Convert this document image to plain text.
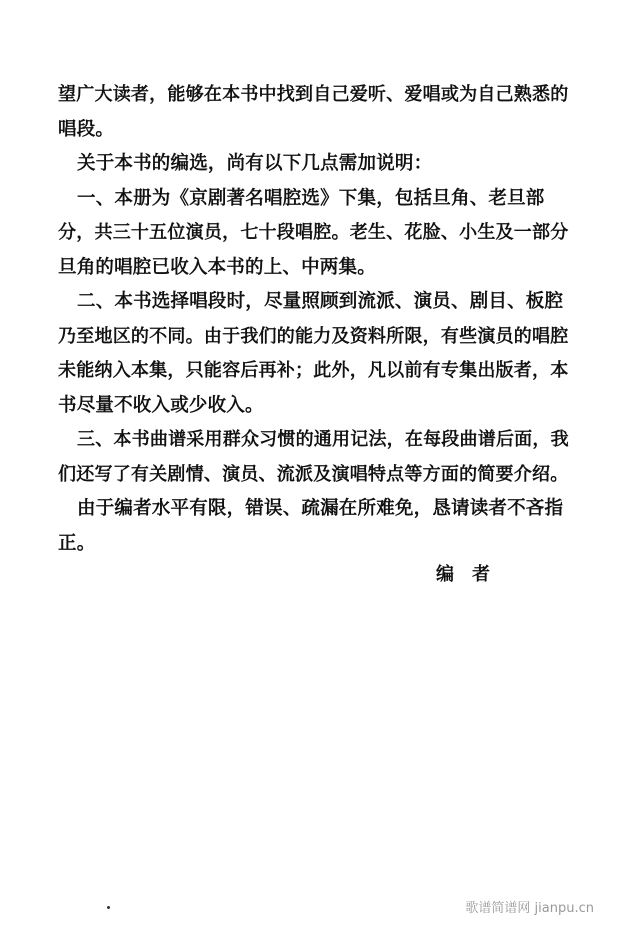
望广大读者，能够在本书中找到自己爱听、爱唱或为自己熟悉的
唱段。

关于本书的编选，尚有以下几点需加说明：

一、本册为《京剧著名唱腔选》下集，包括旦角、老旦部
分，共三十五位演员，七十段唱腔。老生、花脸、小生及一部分
旦角的唱腔已收入本书的上、中两集。

二、本书选择唱段时，尽量照顾到流派、演员、剧目、板腔
乃至地区的不同。由于我们的能力及资料所限，有些演员的唱腔
未能纳入本集，只能容后再补；此外，凡以前有专集出版者，本
书尽量不收入或少收入。

三、本书曲谱采用群众习惯的通用记法，在每段曲谱后面，我
们还写了有关剧情、演员、流派及演唱特点等方面的简要介绍。

由于编者水平有限，错误、疏漏在所难免，恳请读者不吝指
正。

编者
歌谱简谱网 jianpu.cn
